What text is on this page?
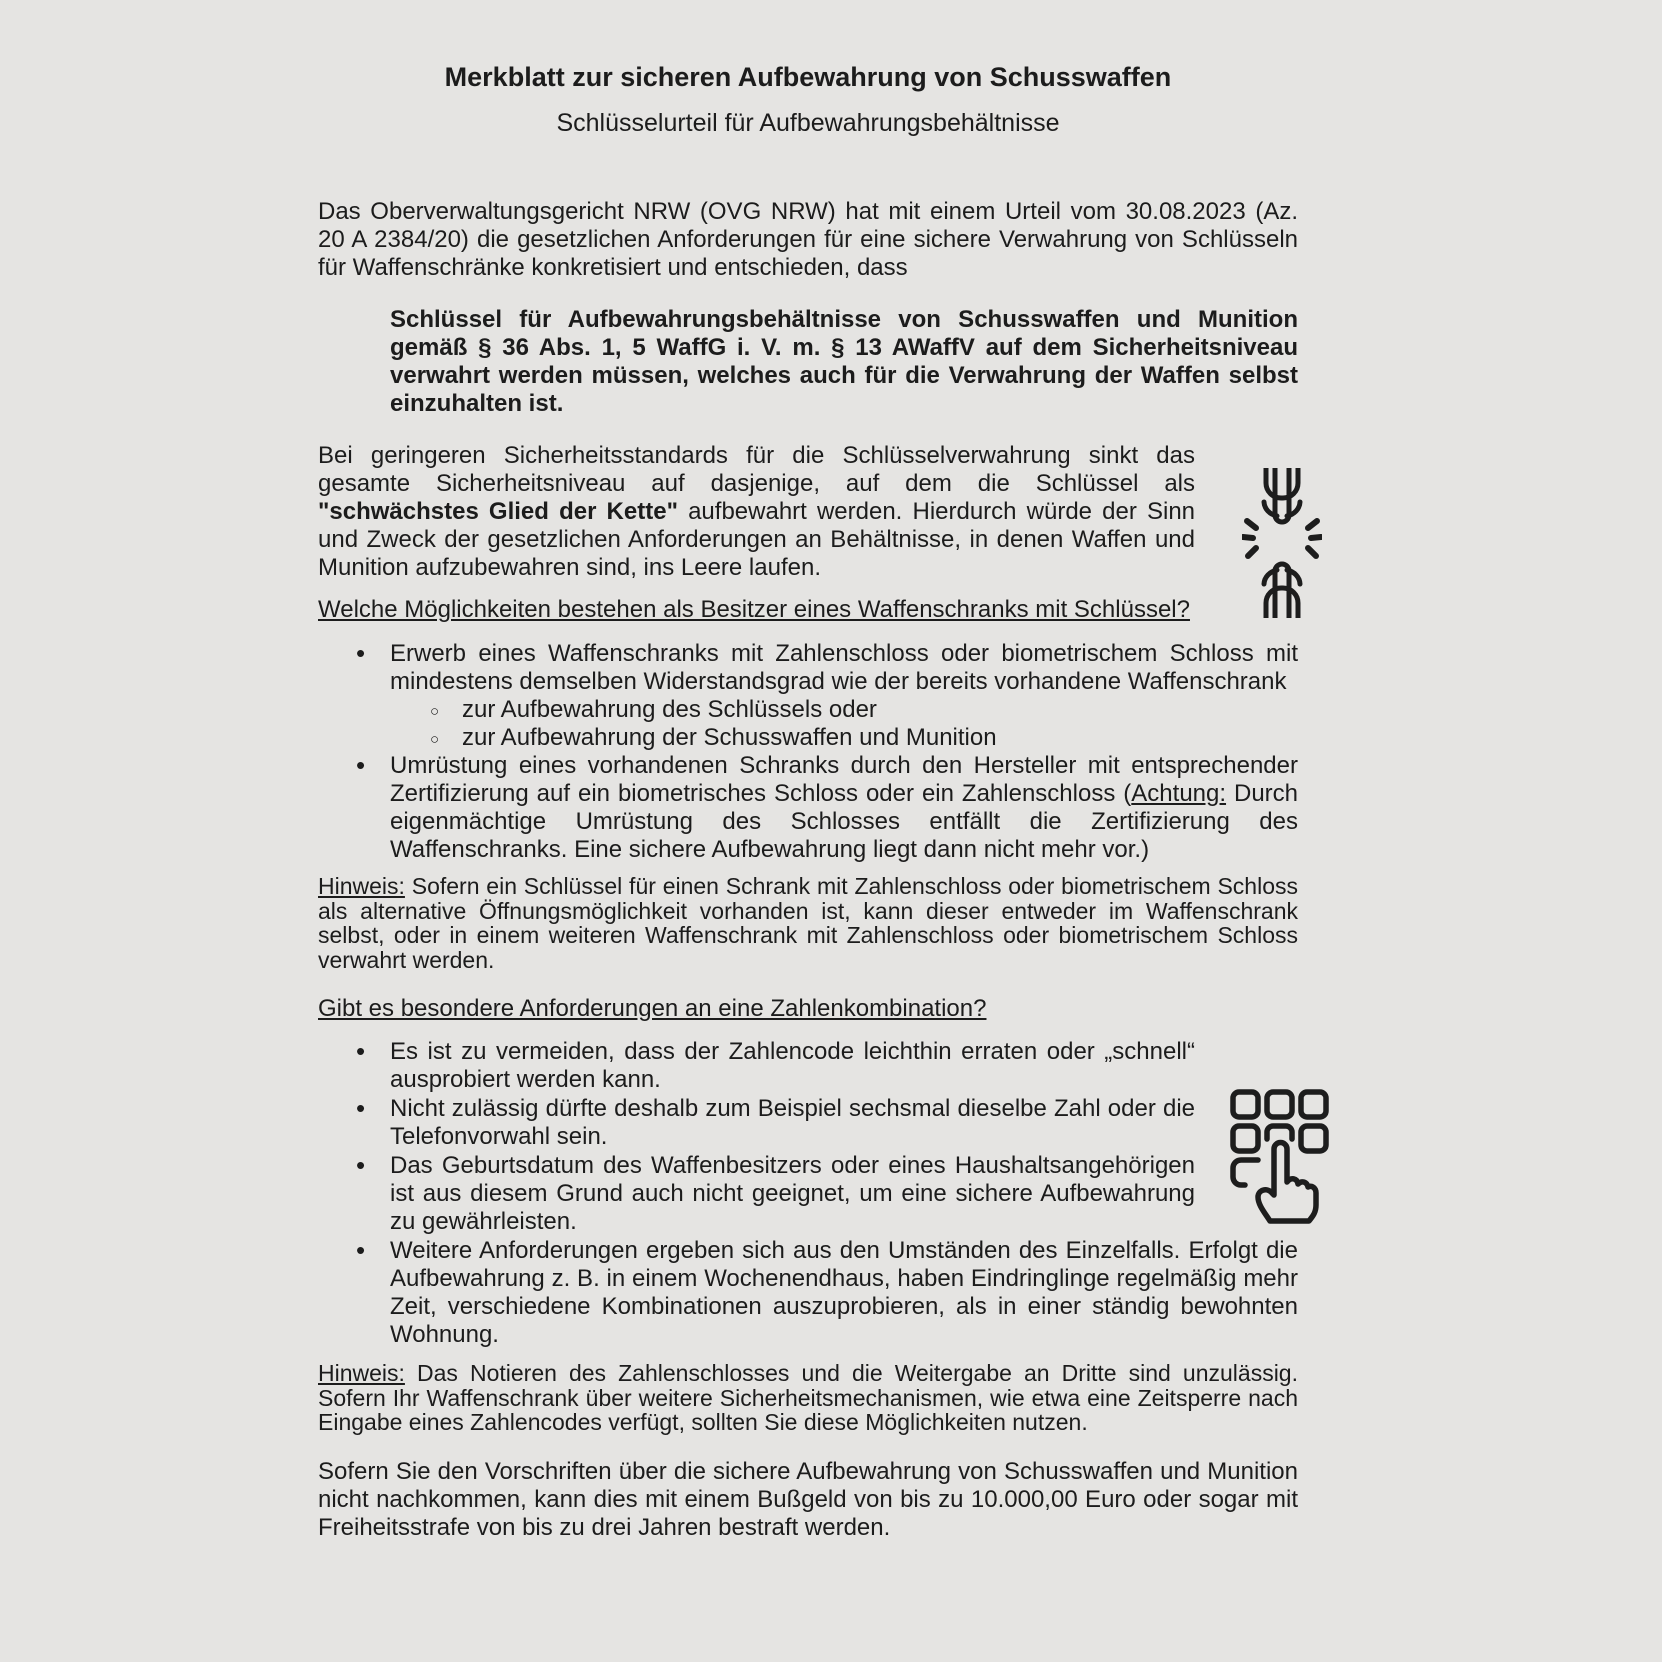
Merkblatt zur sicheren Aufbewahrung von Schusswaffen
Schlüsselurteil für Aufbewahrungsbehältnisse

Das Oberverwaltungsgericht NRW (OVG NRW) hat mit einem Urteil vom 30.08.2023 (Az. 20 A 2384/20) die gesetzlichen Anforderungen für eine sichere Verwahrung von Schlüsseln für Waffenschränke konkretisiert und entschieden, dass

Schlüssel für Aufbewahrungsbehältnisse von Schusswaffen und Munition gemäß § 36 Abs. 1, 5 WaffG i. V. m. § 13 AWaffV auf dem Sicherheitsniveau verwahrt werden müssen, welches auch für die Verwahrung der Waffen selbst einzuhalten ist.

Bei geringeren Sicherheitsstandards für die Schlüsselverwahrung sinkt das gesamte Sicherheitsniveau auf dasjenige, auf dem die Schlüssel als "schwächstes Glied der Kette" aufbewahrt werden. Hierdurch würde der Sinn und Zweck der gesetzlichen Anforderungen an Behältnisse, in denen Waffen und Munition aufzubewahren sind, ins Leere laufen.
Welche Möglichkeiten bestehen als Besitzer eines Waffenschranks mit Schlüssel?
• Erwerb eines Waffenschranks mit Zahlenschloss oder biometrischem Schloss mit mindestens demselben Widerstandsgrad wie der bereits vorhandene Waffenschrank
○ zur Aufbewahrung des Schlüssels oder
○ zur Aufbewahrung der Schusswaffen und Munition
• Umrüstung eines vorhandenen Schranks durch den Hersteller mit entsprechender Zertifizierung auf ein biometrisches Schloss oder ein Zahlenschloss (Achtung: Durch eigenmächtige Umrüstung des Schlosses entfällt die Zertifizierung des Waffenschranks. Eine sichere Aufbewahrung liegt dann nicht mehr vor.)

Hinweis: Sofern ein Schlüssel für einen Schrank mit Zahlenschloss oder biometrischem Schloss als alternative Öffnungsmöglichkeit vorhanden ist, kann dieser entweder im Waffenschrank selbst, oder in einem weiteren Waffenschrank mit Zahlenschloss oder biometrischem Schloss verwahrt werden.

Gibt es besondere Anforderungen an eine Zahlenkombination?
• Es ist zu vermeiden, dass der Zahlencode leichthin erraten oder „schnell“ ausprobiert werden kann.
• Nicht zulässig dürfte deshalb zum Beispiel sechsmal dieselbe Zahl oder die Telefonvorwahl sein.
• Das Geburtsdatum des Waffenbesitzers oder eines Haushaltsangehörigen ist aus diesem Grund auch nicht geeignet, um eine sichere Aufbewahrung zu gewährleisten.
• Weitere Anforderungen ergeben sich aus den Umständen des Einzelfalls. Erfolgt die Aufbewahrung z. B. in einem Wochenendhaus, haben Eindringlinge regelmäßig mehr Zeit, verschiedene Kombinationen auszuprobieren, als in einer ständig bewohnten Wohnung.

Hinweis: Das Notieren des Zahlenschlosses und die Weitergabe an Dritte sind unzulässig. Sofern Ihr Waffenschrank über weitere Sicherheitsmechanismen, wie etwa eine Zeitsperre nach Eingabe eines Zahlencodes verfügt, sollten Sie diese Möglichkeiten nutzen.

Sofern Sie den Vorschriften über die sichere Aufbewahrung von Schusswaffen und Munition nicht nachkommen, kann dies mit einem Bußgeld von bis zu 10.000,00 Euro oder sogar mit Freiheitsstrafe von bis zu drei Jahren bestraft werden.
